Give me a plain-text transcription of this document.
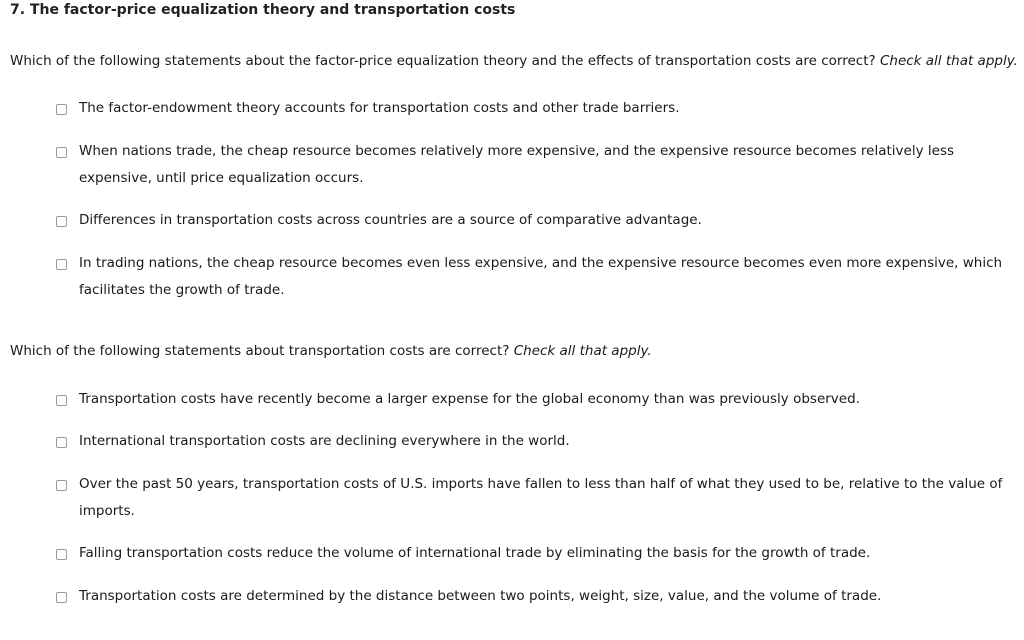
7. The factor-price equalization theory and transportation costs

Which of the following statements about the factor-price equalization theory and the effects of transportation costs are correct? Check all that apply.

The factor-endowment theory accounts for transportation costs and other trade barriers.
When nations trade, the cheap resource becomes relatively more expensive, and the expensive resource becomes relatively less expensive, until price equalization occurs.
Differences in transportation costs across countries are a source of comparative advantage.
In trading nations, the cheap resource becomes even less expensive, and the expensive resource becomes even more expensive, which facilitates the growth of trade.

Which of the following statements about transportation costs are correct? Check all that apply.

Transportation costs have recently become a larger expense for the global economy than was previously observed.
International transportation costs are declining everywhere in the world.
Over the past 50 years, transportation costs of U.S. imports have fallen to less than half of what they used to be, relative to the value of imports.
Falling transportation costs reduce the volume of international trade by eliminating the basis for the growth of trade.
Transportation costs are determined by the distance between two points, weight, size, value, and the volume of trade.
